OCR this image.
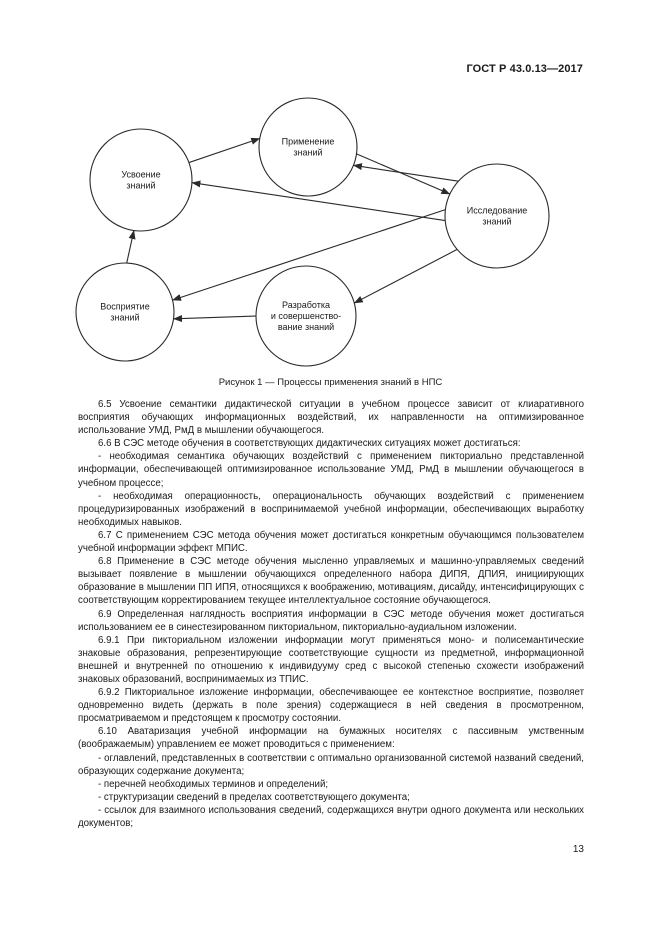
ГОСТ Р 43.0.13—2017
Применение
знаний
Усвоение
знаний
Исследование
знаний
Восприятие
знаний
Разработка
и совершенство-
вание знаний
Рисунок 1 — Процессы применения знаний в НПС

6.5 Усвоение семантики дидактической ситуации в учебном процессе зависит от клиаративного восприятия обучающих информационных воздействий, их направленности на оптимизированное использование УМД, РмД в мышлении обучающегося.

6.6 В СЭС методе обучения в соответствующих дидактических ситуациях может достигаться:

- необходимая семантика обучающих воздействий с применением пикториально представленной информации, обеспечивающей оптимизированное использование УМД, РмД в мышлении обучающегося в учебном процессе;

- необходимая операционность, операциональность обучающих воздействий с применением процедуризированных изображений в воспринимаемой учебной информации, обеспечивающих выработку необходимых навыков.

6.7 С применением СЭС метода обучения может достигаться конкретным обучающимся пользователем учебной информации эффект МПИС.

6.8 Применение в СЭС методе обучения мысленно управляемых и машинно-управляемых сведений вызывает появление в мышлении обучающихся определенного набора ДИПЯ, ДПИЯ, инициирующих образование в мышлении ПП ИПЯ, относящихся к воображению, мотивациям, дисайду, интенсифицирующих с соответствующим корректированием текущее интеллектуальное состояние обучающегося.

6.9 Определенная наглядность восприятия информации в СЭС методе обучения может достигаться использованием ее в синестезированном пикториальном, пикториально-аудиальном изложении.

6.9.1 При пикториальном изложении информации могут применяться моно- и полисемантические знаковые образования, репрезентирующие соответствующие сущности из предметной, информационной внешней и внутренней по отношению к индивидууму сред с высокой степенью схожести изображений знаковых образований, воспринимаемых из ТПИС.

6.9.2 Пикториальное изложение информации, обеспечивающее ее контекстное восприятие, позволяет одновременно видеть (держать в поле зрения) содержащиеся в ней сведения в просмотренном, просматриваемом и предстоящем к просмотру состоянии.

6.10 Аватаризация учебной информации на бумажных носителях с пассивным умственным (воображаемым) управлением ее может проводиться с применением:

- оглавлений, представленных в соответствии с оптимально организованной системой названий сведений, образующих содержание документа;

- перечней необходимых терминов и определений;

- структуризации сведений в пределах соответствующего документа;

- ссылок для взаимного использования сведений, содержащихся внутри одного документа или нескольких документов;

13
